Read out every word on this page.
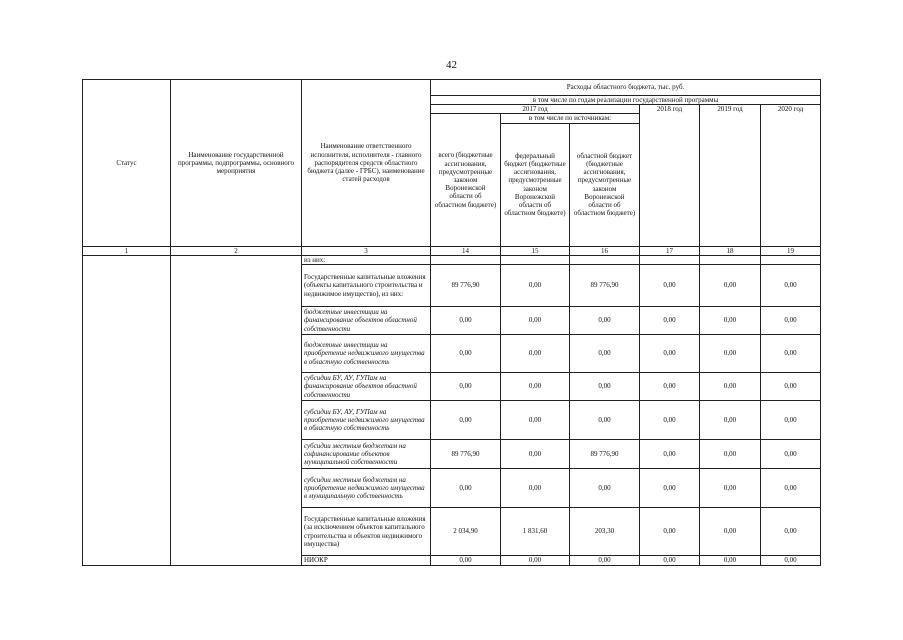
42
Статус	Наименование государственной программы, подпрограммы, основного мероприятия	Наименование ответственного исполнителя, исполнителя - главного распорядителя средств областного бюджета (далее - ГРБС), наименование статей расходов	Расходы областного бюджета, тыс. руб.					
			в том числе по годам реализации государственной программы					
			2017 год			2018 год	2019 год	2020 год
			всего (бюджетные ассигнования, предусмотренные законом Воронежской области об областном бюджете)	в том числе по источникам:				
				федеральный бюджет (бюджетные ассигнования, предусмотренные законом Воронежской области об областном бюджете)	областной бюджет (бюджетные ассигнования, предусмотренные законом Воронежской области об областном бюджете)			
1	2	3	14	15	16	17	18	19
		из них:						
		Государственные капитальные вложения (объекты капитального строительства и недвижимое имущество), из них:	89 776,90	0,00	89 776,90	0,00	0,00	0,00
		бюджетные инвестиции на финансирование объектов областной собственности	0,00	0,00	0,00	0,00	0,00	0,00
		бюджетные инвестиции на приобретение недвижимого имущества в областную собственность	0,00	0,00	0,00	0,00	0,00	0,00
		субсидии БУ, АУ, ГУПам на финансирование объектов областной собственности	0,00	0,00	0,00	0,00	0,00	0,00
		субсидии БУ, АУ, ГУПам на приобретение недвижимого имущества в областную собственность	0,00	0,00	0,00	0,00	0,00	0,00
		субсидии местным бюджетам на софинансирование объектов муниципальной собственности	89 776,90	0,00	89 776,90	0,00	0,00	0,00
		субсидии местным бюджетам на приобретение недвижимого имущества в муниципальную собственность	0,00	0,00	0,00	0,00	0,00	0,00
		Государственные капитальные вложения (за исключением объектов капитального строительства и объектов недвижимого имущества)	2 034,90	1 831,60	203,30	0,00	0,00	0,00
		НИОКР	0,00	0,00	0,00	0,00	0,00	0,00
